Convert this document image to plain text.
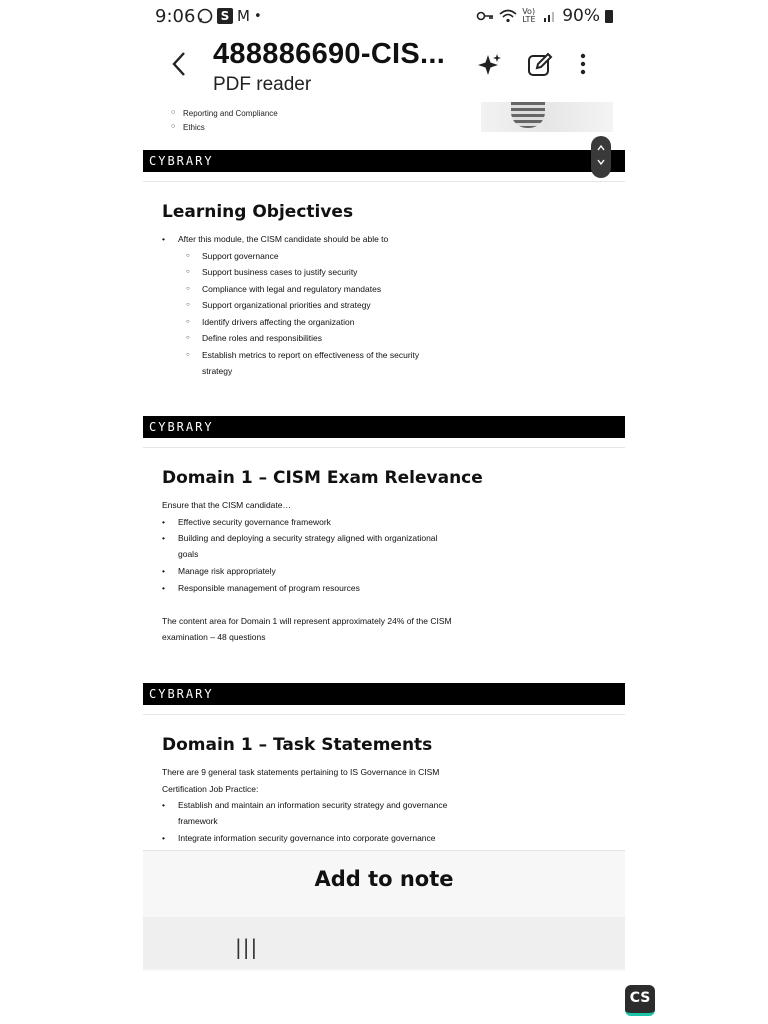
9:06	S M •	Vo) LTE 90%
488886690-CIS...
PDF reader
○ Reporting and Compliance
○ Ethics
CYBRARY
Learning Objectives
• After this module, the CISM candidate should be able to
○ Support governance
○ Support business cases to justify security
○ Compliance with legal and regulatory mandates
○ Support organizational priorities and strategy
○ Identify drivers affecting the organization
○ Define roles and responsibilities
○ Establish metrics to report on effectiveness of the security
strategy
CYBRARY
Domain 1 – CISM Exam Relevance
Ensure that the CISM candidate…
• Effective security governance framework
• Building and deploying a security strategy aligned with organizational
goals
• Manage risk appropriately
• Responsible management of program resources
The content area for Domain 1 will represent approximately 24% of the CISM
examination – 48 questions
CYBRARY
Domain 1 – Task Statements
There are 9 general task statements pertaining to IS Governance in CISM
Certification Job Practice:
• Establish and maintain an information security strategy and governance
framework
• Integrate information security governance into corporate governance
Add to note
|||
CS
